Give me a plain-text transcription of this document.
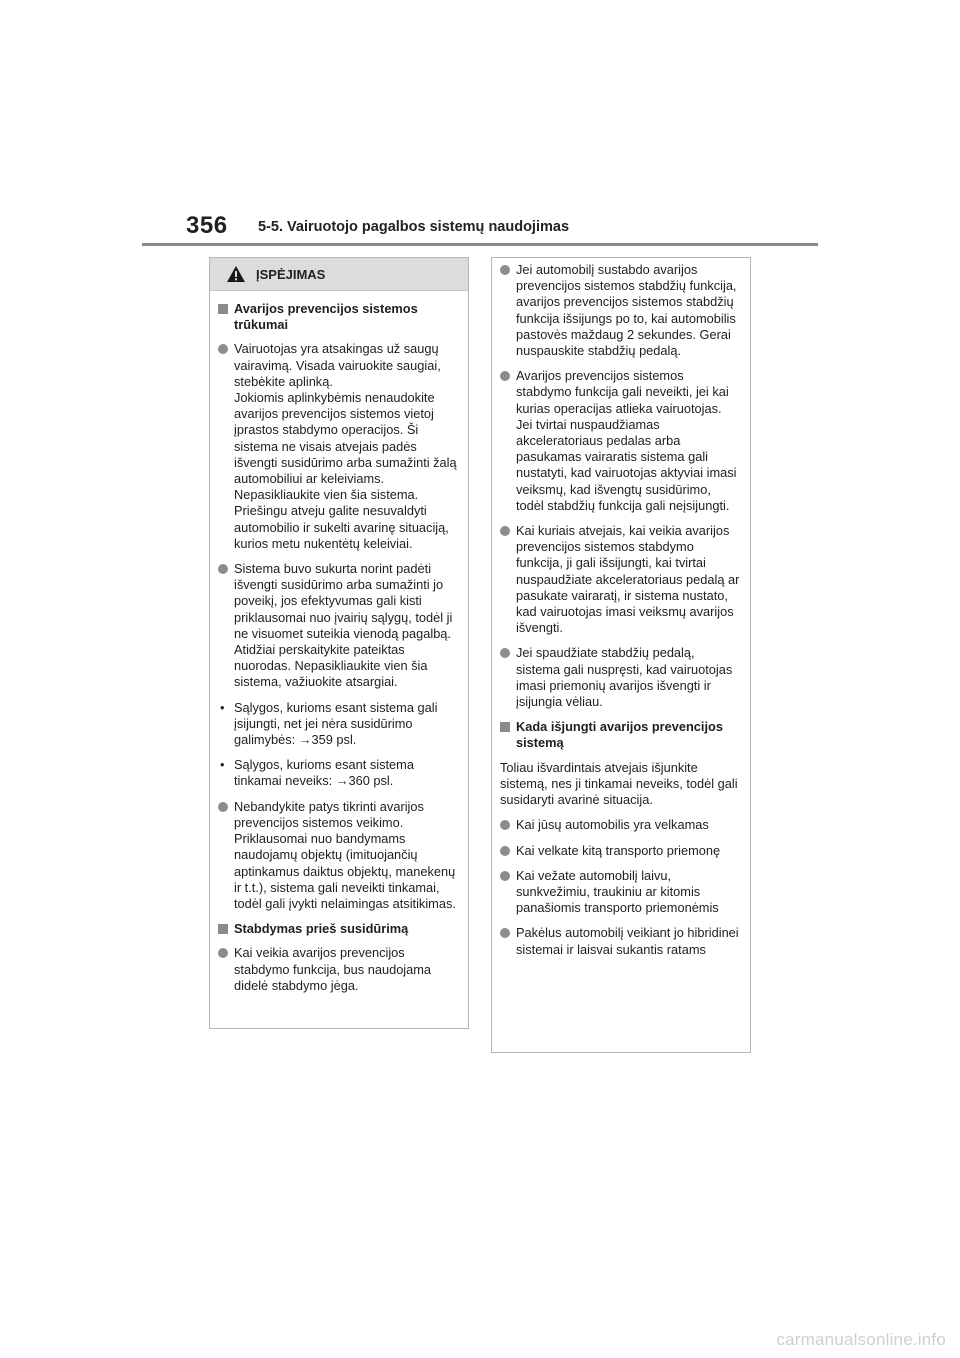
356 5-5. Vairuotojo pagalbos sistemų naudojimas
ĮSPĖJIMAS
Avarijos prevencijos sistemos trūkumai
Vairuotojas yra atsakingas už saugų vairavimą. Visada vairuokite saugiai, stebėkite aplinką.
Jokiomis aplinkybėmis nenaudokite avarijos prevencijos sistemos vietoj įprastos stabdymo operacijos. Ši sistema ne visais atvejais padės išvengti susidūrimo arba sumažinti žalą automobiliui ar keleiviams. Nepasikliaukite vien šia sistema. Priešingu atveju galite nesuvaldyti automobilio ir sukelti avarinę situaciją, kurios metu nukentėtų keleiviai.
Sistema buvo sukurta norint padėti išvengti susidūrimo arba sumažinti jo poveikį, jos efektyvumas gali kisti priklausomai nuo įvairių sąlygų, todėl ji ne visuomet suteikia vienodą pagalbą.
Atidžiai perskaitykite pateiktas nuorodas. Nepasikliaukite vien šia sistema, važiuokite atsargiai.
• Sąlygos, kurioms esant sistema gali įsijungti, net jei nėra susidūrimo galimybės: →359 psl.
• Sąlygos, kurioms esant sistema tinkamai neveiks: →360 psl.
Nebandykite patys tikrinti avarijos prevencijos sistemos veikimo. Priklausomai nuo bandymams naudojamų objektų (imituojančių aptinkamus daiktus objektų, manekenų ir t.t.), sistema gali neveikti tinkamai, todėl gali įvykti nelaimingas atsitikimas.
Stabdymas prieš susidūrimą
Kai veikia avarijos prevencijos stabdymo funkcija, bus naudojama didelė stabdymo jėga.
Jei automobilį sustabdo avarijos prevencijos sistemos stabdžių funkcija, avarijos prevencijos sistemos stabdžių funkcija išsijungs po to, kai automobilis pastovės maždaug 2 sekundes. Gerai nuspauskite stabdžių pedalą.
Avarijos prevencijos sistemos stabdymo funkcija gali neveikti, jei kai kurias operacijas atlieka vairuotojas. Jei tvirtai nuspaudžiamas akceleratoriaus pedalas arba pasukamas vairaratis sistema gali nustatyti, kad vairuotojas aktyviai imasi veiksmų, kad išvengtų susidūrimo, todėl stabdžių funkcija gali neįsijungti.
Kai kuriais atvejais, kai veikia avarijos prevencijos sistemos stabdymo funkcija, ji gali išsijungti, kai tvirtai nuspaudžiate akceleratoriaus pedalą ar pasukate vairaratį, ir sistema nustato, kad vairuotojas imasi veiksmų avarijos išvengti.
Jei spaudžiate stabdžių pedalą, sistema gali nuspręsti, kad vairuotojas imasi priemonių avarijos išvengti ir įsijungia vėliau.
Kada išjungti avarijos prevencijos sistemą
Toliau išvardintais atvejais išjunkite sistemą, nes ji tinkamai neveiks, todėl gali susidaryti avarinė situacija.
Kai jūsų automobilis yra velkamas
Kai velkate kitą transporto priemonę
Kai vežate automobilį laivu, sunkvežimiu, traukiniu ar kitomis panašiomis transporto priemonėmis
Pakėlus automobilį veikiant jo hibridinei sistemai ir laisvai sukantis ratams
carmanualsonline.info
